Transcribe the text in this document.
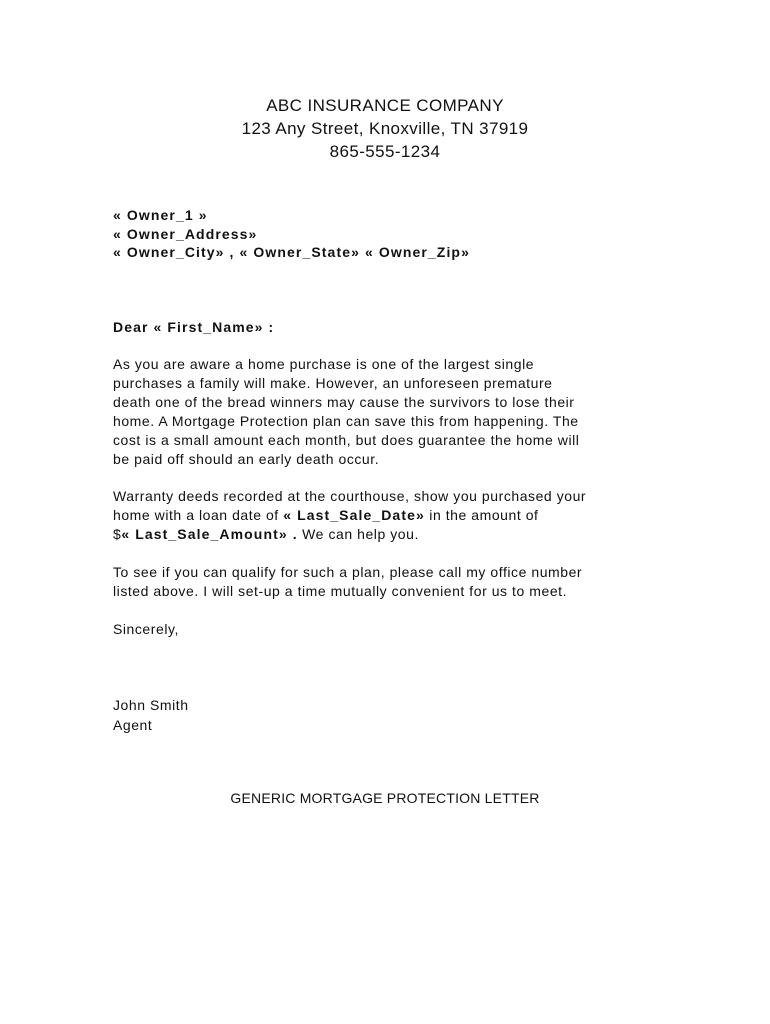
ABC INSURANCE COMPANY
123 Any Street, Knoxville, TN 37919
865-555-1234
« Owner_1 »
« Owner_Address»
« Owner_City» , « Owner_State» « Owner_Zip»
Dear « First_Name» :
As you are aware a home purchase is one of the largest single
purchases a family will make. However, an unforeseen premature
death one of the bread winners may cause the survivors to lose their
home. A Mortgage Protection plan can save this from happening. The
cost is a small amount each month, but does guarantee the home will
be paid off should an early death occur.
Warranty deeds recorded at the courthouse, show you purchased your
home with a loan date of « Last_Sale_Date» in the amount of
$« Last_Sale_Amount» . We can help you.
To see if you can qualify for such a plan, please call my office number
listed above. I will set-up a time mutually convenient for us to meet.
Sincerely,
John Smith
Agent
GENERIC MORTGAGE PROTECTION LETTER
